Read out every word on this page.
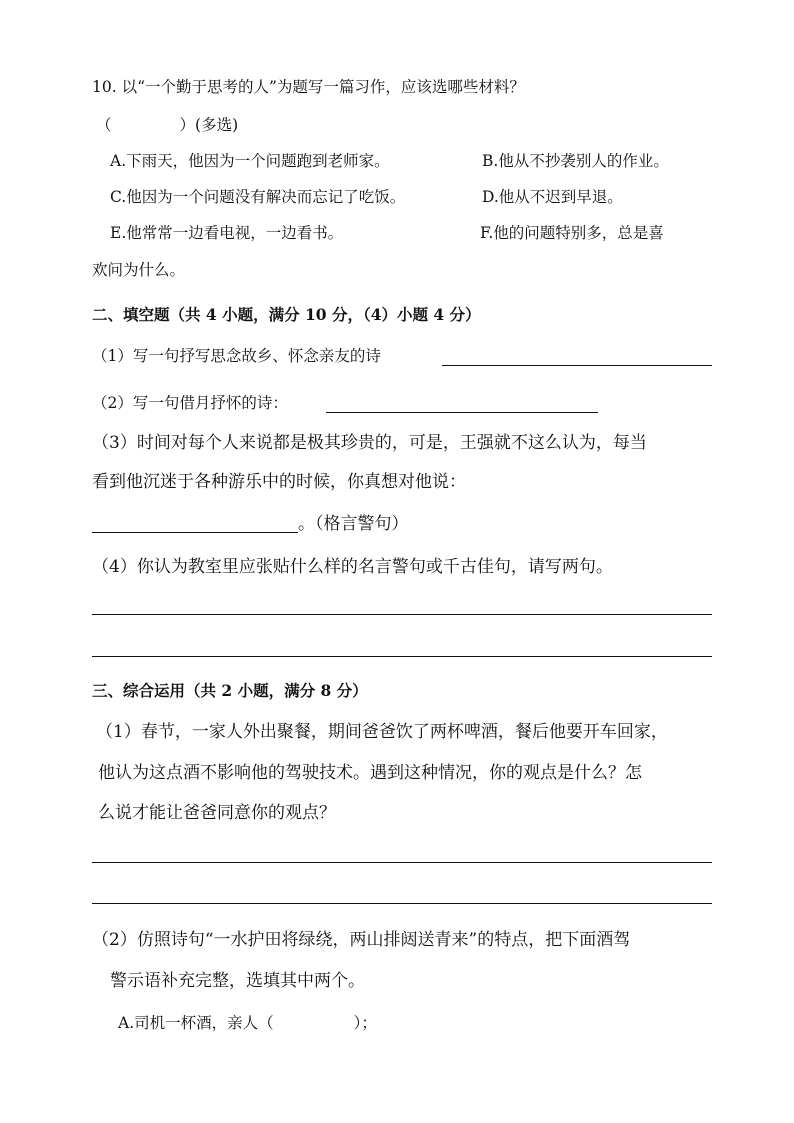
10. 以“一个勤于思考的人”为题写一篇习作，应该选哪些材料？
（	）(多选)
A.下雨天，他因为一个问题跑到老师家。	B.他从不抄袭别人的作业。
C.他因为一个问题没有解决而忘记了吃饭。	D.他从不迟到早退。
E.他常常一边看电视，一边看书。	F.他的问题特别多，总是喜
欢问为什么。
二、填空题（共 4 小题，满分 10 分，（4）小题 4 分）
（1）写一句抒写思念故乡、怀念亲友的诗
（2）写一句借月抒怀的诗：
（3）时间对每个人来说都是极其珍贵的，可是，王强就不这么认为，每当
看到他沉迷于各种游乐中的时候，你真想对他说：
。（格言警句）
（4）你认为教室里应张贴什么样的名言警句或千古佳句，请写两句。
三、综合运用（共 2 小题，满分 8 分）
（1）春节，一家人外出聚餐，期间爸爸饮了两杯啤酒，餐后他要开车回家，
他认为这点酒不影响他的驾驶技术。遇到这种情况，你的观点是什么？怎
么说才能让爸爸同意你的观点？
（2）仿照诗句“一水护田将绿绕，两山排闼送青来”的特点，把下面酒驾
警示语补充完整，选填其中两个。
A.司机一杯酒，亲人（	）；
